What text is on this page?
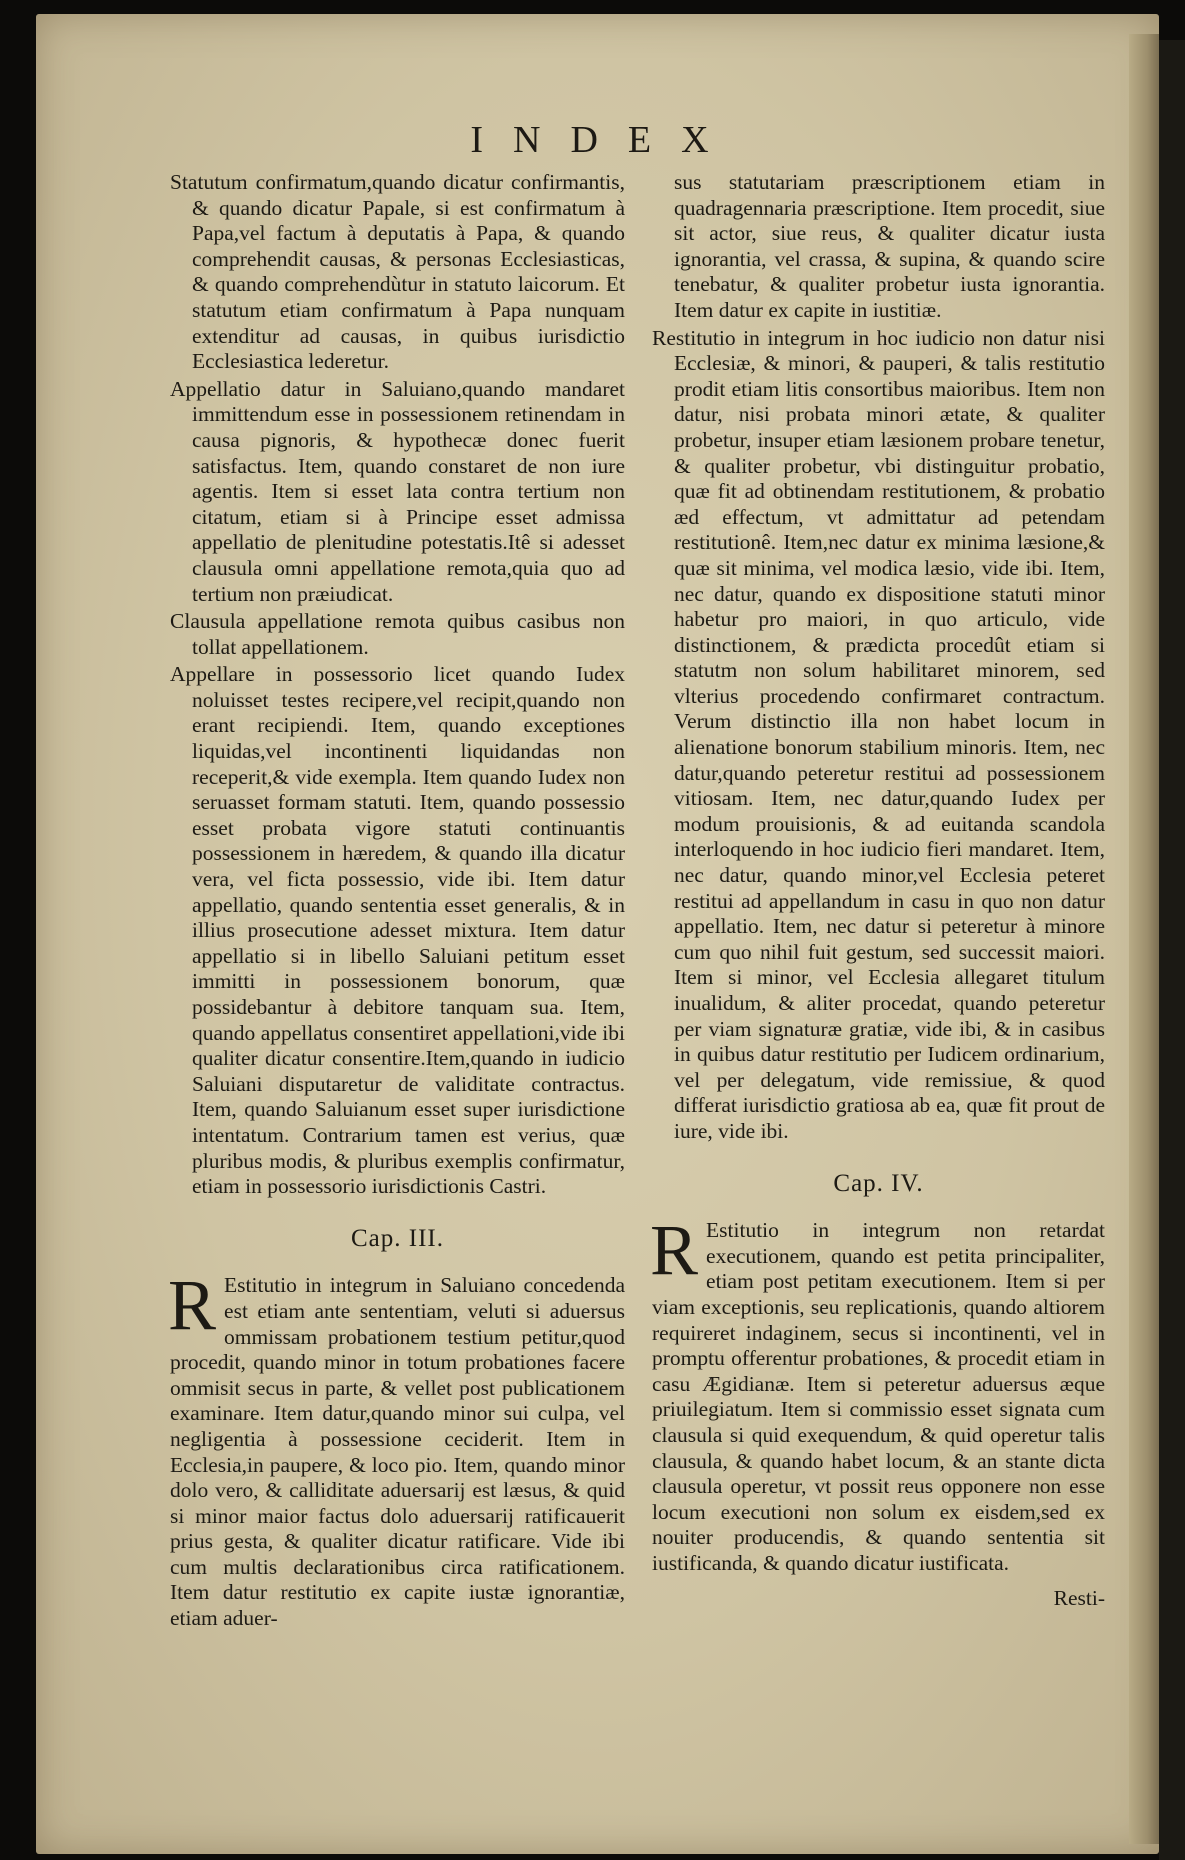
INDEX

Statutum confirmatum,quando dicatur confirmantis, & quando dicatur Papale, si est confirmatum à Papa,vel factum à deputatis à Papa, & quando comprehendit causas, & personas Ecclesiasticas, & quando comprehendùtur in statuto laicorum. Et statutum etiam confirmatum à Papa nunquam extenditur ad causas, in quibus iurisdictio Ecclesiastica lederetur.

Appellatio datur in Saluiano,quando mandaret immittendum esse in possessionem retinendam in causa pignoris, & hypothecæ donec fuerit satisfactus. Item, quando constaret de non iure agentis. Item si esset lata contra tertium non citatum, etiam si à Principe esset admissa appellatio de plenitudine potestatis.Itê si adesset clausula omni appellatione remota,quia quo ad tertium non præiudicat.

Clausula appellatione remota quibus casibus non tollat appellationem.

Appellare in possessorio licet quando Iudex noluisset testes recipere,vel recipit,quando non erant recipiendi. Item, quando exceptiones liquidas,vel incontinenti liquidandas non receperit,& vide exempla. Item quando Iudex non seruasset formam statuti. Item, quando possessio esset probata vigore statuti continuantis possessionem in hæredem, & quando illa dicatur vera, vel ficta possessio, vide ibi. Item datur appellatio, quando sententia esset generalis, & in illius prosecutione adesset mixtura. Item datur appellatio si in libello Saluiani petitum esset immitti in possessionem bonorum, quæ possidebantur à debitore tanquam sua. Item, quando appellatus consentiret appellationi,vide ibi qualiter dicatur consentire.Item,quando in iudicio Saluiani disputaretur de validitate contractus. Item, quando Saluianum esset super iurisdictione intentatum. Contrarium tamen est verius, quæ pluribus modis, & pluribus exemplis confirmatur, etiam in possessorio iurisdictionis Castri.

Cap. III.
R Estitutio in integrum in Saluiano concedenda est etiam ante sententiam, veluti si aduersus ommissam probationem testium petitur,quod procedit, quando minor in totum probationes facere ommisit secus in parte, & vellet post publicationem examinare. Item datur,quando minor sui culpa, vel negligentia à possessione ceciderit. Item in Ecclesia,in paupere, & loco pio. Item, quando minor dolo vero, & calliditate aduersarij est læsus, & quid si minor maior factus dolo aduersarij ratificauerit prius gesta, & qualiter dicatur ratificare. Vide ibi cum multis declarationibus circa ratificationem. Item datur restitutio ex capite iustæ ignorantiæ, etiam aduer-

sus statutariam præscriptionem etiam in quadragennaria præscriptione. Item procedit, siue sit actor, siue reus, & qualiter dicatur iusta ignorantia, vel crassa, & supina, & quando scire tenebatur, & qualiter probetur iusta ignorantia. Item datur ex capite in iustitiæ.

Restitutio in integrum in hoc iudicio non datur nisi Ecclesiæ, & minori, & pauperi, & talis restitutio prodit etiam litis consortibus maioribus. Item non datur, nisi probata minori ætate, & qualiter probetur, insuper etiam læsionem probare tenetur, & qualiter probetur, vbi distinguitur probatio, quæ fit ad obtinendam restitutionem, & probatio æd effectum, vt admittatur ad petendam restitutionê. Item,nec datur ex minima læsione,& quæ sit minima, vel modica læsio, vide ibi. Item, nec datur, quando ex dispositione statuti minor habetur pro maiori, in quo articulo, vide distinctionem, & prædicta procedût etiam si statutm non solum habilitaret minorem, sed vlterius procedendo confirmaret contractum. Verum distinctio illa non habet locum in alienatione bonorum stabilium minoris. Item, nec datur,quando peteretur restitui ad possessionem vitiosam. Item, nec datur,quando Iudex per modum prouisionis, & ad euitanda scandola interloquendo in hoc iudicio fieri mandaret. Item, nec datur, quando minor,vel Ecclesia peteret restitui ad appellandum in casu in quo non datur appellatio. Item, nec datur si peteretur à minore cum quo nihil fuit gestum, sed successit maiori. Item si minor, vel Ecclesia allegaret titulum inualidum, & aliter procedat, quando peteretur per viam signaturæ gratiæ, vide ibi, & in casibus in quibus datur restitutio per Iudicem ordinarium, vel per delegatum, vide remissiue, & quod differat iurisdictio gratiosa ab ea, quæ fit prout de iure, vide ibi.

Cap. IV.
R Estitutio in integrum non retardat executionem, quando est petita principaliter, etiam post petitam executionem. Item si per viam exceptionis, seu replicationis, quando altiorem requireret indaginem, secus si incontinenti, vel in promptu offerentur probationes, & procedit etiam in casu Ægidianæ. Item si peteretur aduersus æque priuilegiatum. Item si commissio esset signata cum clausula si quid exequendum, & quid operetur talis clausula, & quando habet locum, & an stante dicta clausula operetur, vt possit reus opponere non esse locum executioni non solum ex eisdem,sed ex nouiter producendis, & quando sententia sit iustificanda, & quando dicatur iustificata.

Resti-
